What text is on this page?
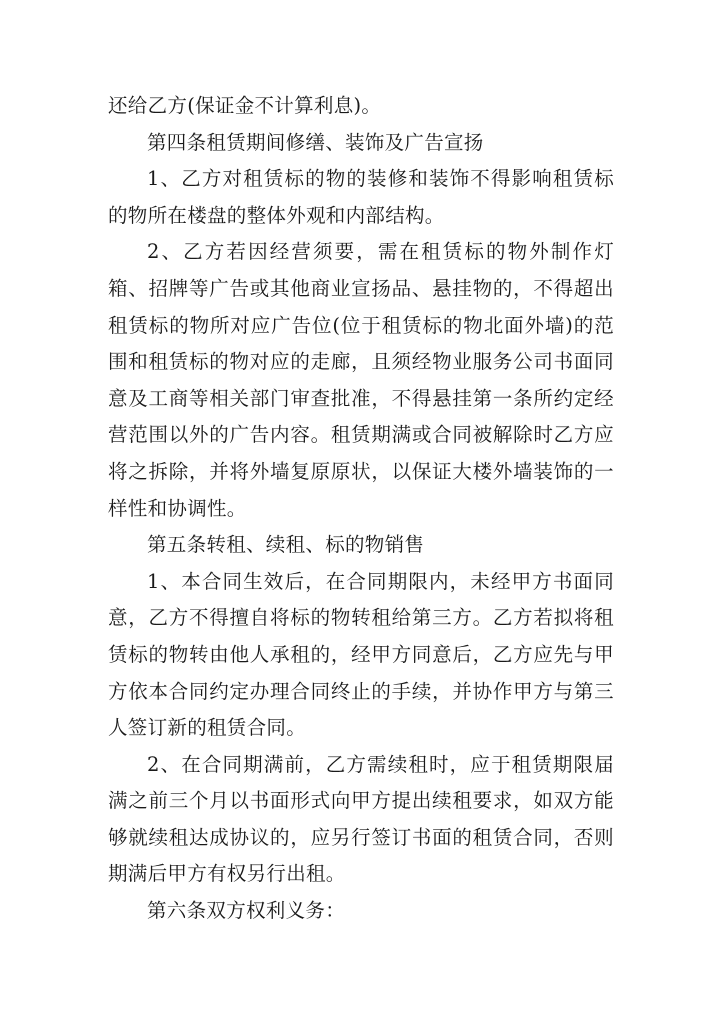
还给乙方(保证金不计算利息)。

第四条租赁期间修缮、装饰及广告宣扬

1、乙方对租赁标的物的装修和装饰不得影响租赁标的物所在楼盘的整体外观和内部结构。

2、乙方若因经营须要，需在租赁标的物外制作灯箱、招牌等广告或其他商业宣扬品、悬挂物的，不得超出租赁标的物所对应广告位(位于租赁标的物北面外墙)的范围和租赁标的物对应的走廊，且须经物业服务公司书面同意及工商等相关部门审查批准，不得悬挂第一条所约定经营范围以外的广告内容。租赁期满或合同被解除时乙方应将之拆除，并将外墙复原原状，以保证大楼外墙装饰的一样性和协调性。

第五条转租、续租、标的物销售

1、本合同生效后，在合同期限内，未经甲方书面同意，乙方不得擅自将标的物转租给第三方。乙方若拟将租赁标的物转由他人承租的，经甲方同意后，乙方应先与甲方依本合同约定办理合同终止的手续，并协作甲方与第三人签订新的租赁合同。

2、在合同期满前，乙方需续租时，应于租赁期限届满之前三个月以书面形式向甲方提出续租要求，如双方能够就续租达成协议的，应另行签订书面的租赁合同，否则期满后甲方有权另行出租。

第六条双方权利义务：
